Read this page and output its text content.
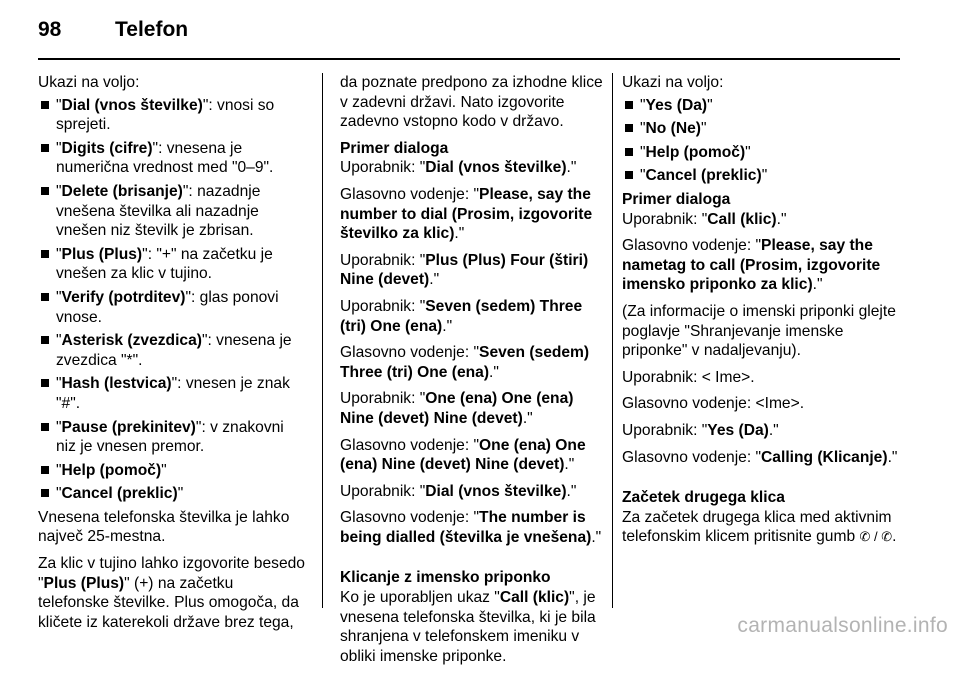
98	Telefon

Ukazi na voljo:

"Dial (vnos številke)": vnosi so sprejeti.
"Digits (cifre)": vnesena je numerična vrednost med "0–9".
"Delete (brisanje)": nazadnje vnešena številka ali nazadnje vnešen niz številk je zbrisan.
"Plus (Plus)": "+" na začetku je vnešen za klic v tujino.
"Verify (potrditev)": glas ponovi vnose.
"Asterisk (zvezdica)": vnesena je zvezdica "*".
"Hash (lestvica)": vnesen je znak "#".
"Pause (prekinitev)": v znakovni niz je vnesen premor.
"Help (pomoč)"
"Cancel (preklic)"

Vnesena telefonska številka je lahko največ 25-mestna.

Za klic v tujino lahko izgovorite besedo "Plus (Plus)" (+) na začetku telefonske številke. Plus omogoča, da kličete iz katerekoli države brez tega,

da poznate predpono za izhodne klice v zadevni državi. Nato izgovorite zadevno vstopno kodo v državo.

Primer dialoga

Uporabnik: "Dial (vnos številke)."

Glasovno vodenje: "Please, say the number to dial (Prosim, izgovorite številko za klic)."

Uporabnik: "Plus (Plus) Four (štiri) Nine (devet)."

Uporabnik: "Seven (sedem) Three (tri) One (ena)."

Glasovno vodenje: "Seven (sedem) Three (tri) One (ena)."

Uporabnik: "One (ena) One (ena) Nine (devet) Nine (devet)."

Glasovno vodenje: "One (ena) One (ena) Nine (devet) Nine (devet)."

Uporabnik: "Dial (vnos številke)."

Glasovno vodenje: "The number is being dialled (številka je vnešena)."

Klicanje z imensko priponko

Ko je uporabljen ukaz "Call (klic)", je vnesena telefonska številka, ki je bila shranjena v telefonskem imeniku v obliki imenske priponke.

Ukazi na voljo:

"Yes (Da)"
"No (Ne)"
"Help (pomoč)"
"Cancel (preklic)"
Primer dialoga

Uporabnik: "Call (klic)."

Glasovno vodenje: "Please, say the nametag to call (Prosim, izgovorite imensko priponko za klic)."

(Za informacije o imenski priponki glejte poglavje "Shranjevanje imenske priponke" v nadaljevanju).

Uporabnik: < Ime>.

Glasovno vodenje: <Ime>.

Uporabnik: "Yes (Da)."

Glasovno vodenje: "Calling (Klicanje)."

Začetek drugega klica

Za začetek drugega klica med aktivnim telefonskim klicem pritisnite gumb ✆ / ✆.

carmanualsonline.info
